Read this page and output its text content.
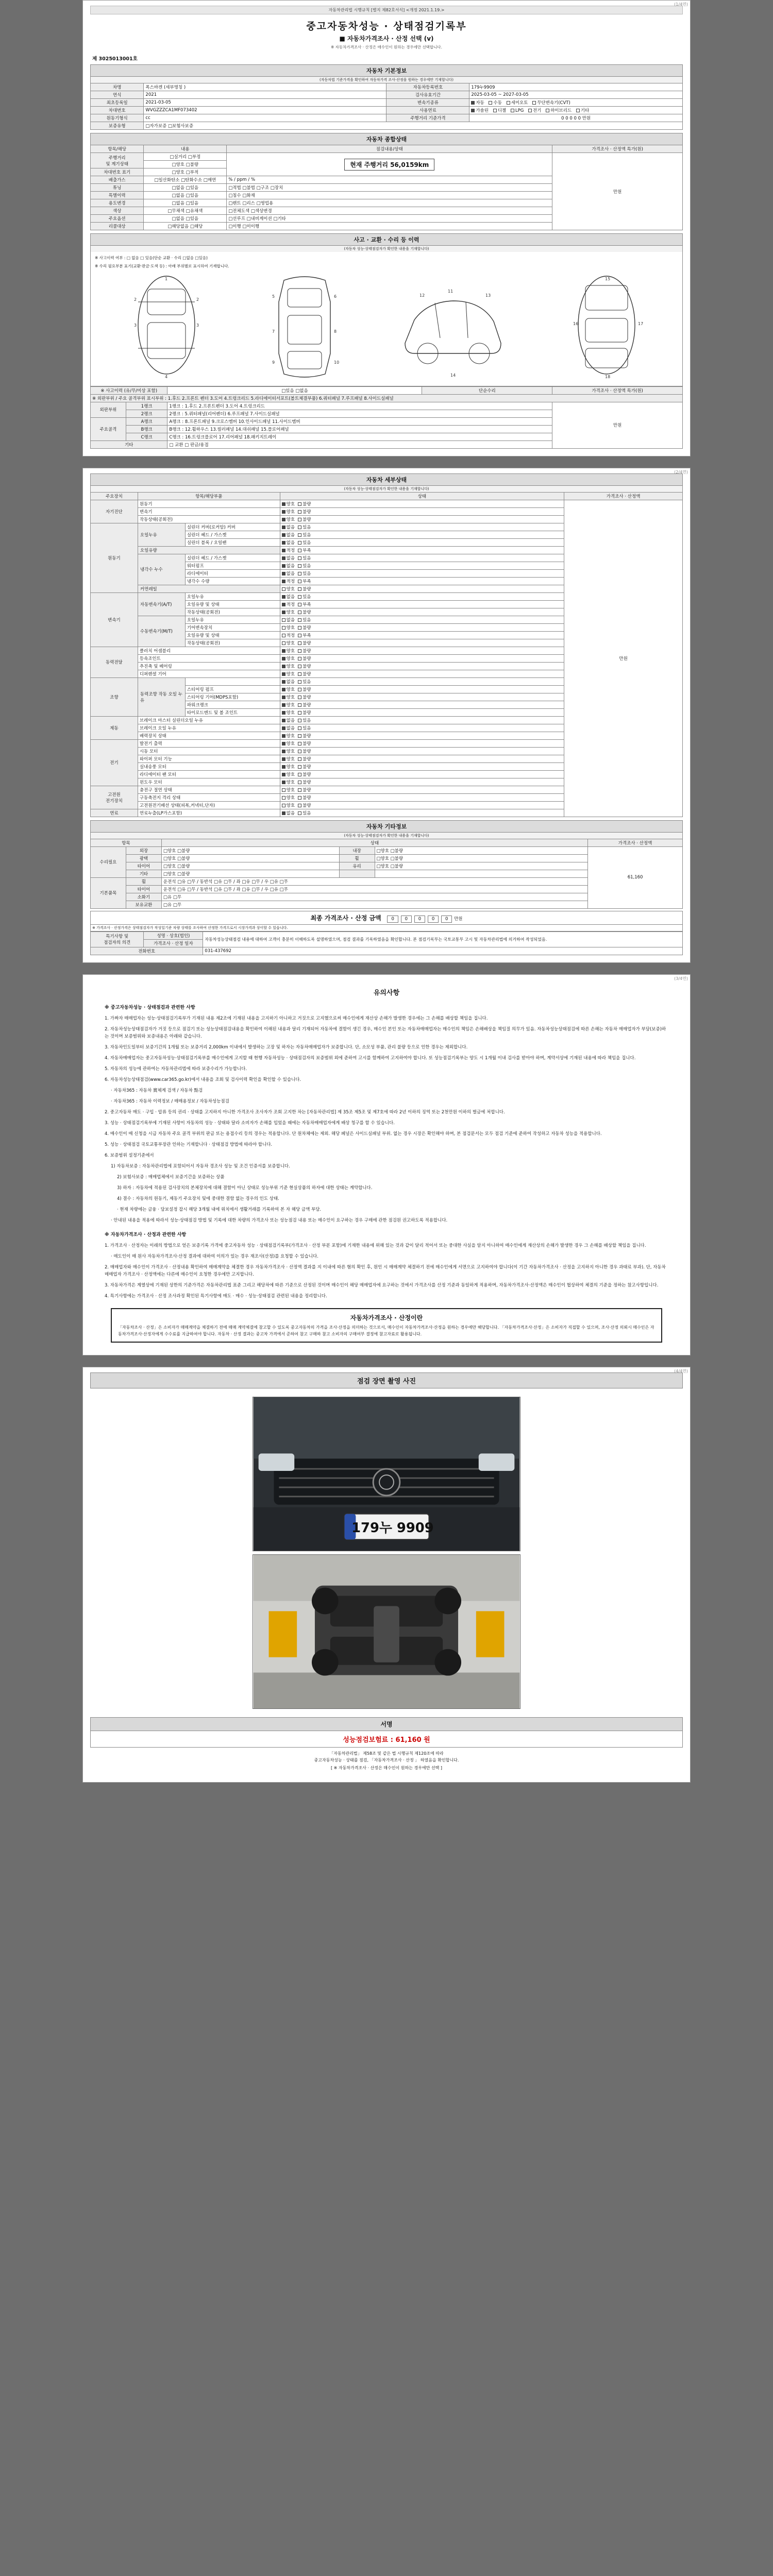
(1/4면)
자동차관리법 시행규칙 [별지 제82호서식] <개정 2021.1.19.>
중고자동차성능 · 상태점검기록부
■ 자동차가격조사 · 산정 선택 (v)
※ 자동차가격조사 · 산정은 매수인이 원하는 경우에만 선택합니다.
제 3025013001호
자동차 기본정보
(자동차법 기준가격을 확인하여 자동차가격 조사·산정을 원하는 경우에만 기재합니다)
차명	폭스바겐 (세부명칭 )	자동차등록번호	179누9909
연식	2021	검사유효기간	2025-03-05 ~ 2027-03-05
최초등록일	2021-03-05	변속기종류	자동 수동 세미오토 무단변속기(CVT)
차대번호	WVGZZZCA1MF073402	사용연료	가솔린 디젤 LPG 전기 하이브리드 기타
원동기형식	cc	주행거리 기준가격	0 0 0 0 0 만원
보증유형	□자가보증 □보험사보증		
자동차 종합상태
항목/해당	내용	점검내용/상태	가격조사 · 산정액 특가(원)
주행거리
및 계기상태	□실거리 □부정	현재 주행거리 56,0159km	만원
	□양호 □불량		
차대번호 표기	□양호 □부적		
배출가스	□일산화탄소 □탄화수소 □매연	% / ppm / %	
튜닝	□없음 □있음	□적법 □불법 □구조 □장치	
특별이력	□없음 □있음	□침수 □화재	
용도변경	□없음 □있음	□렌트 □리스 □영업용	
색상	□무채색 □유채색	□전체도색 □색상변경	
주요옵션	□없음 □있음	□선루프 □내비게이션 □기타	
리콜대상	□해당없음 □해당	□이행 □미이행	
사고 · 교환 · 수리 등 이력
(자동차 성능·상태점검자가 확인한 내용을 기재합니다)
※ 사고이력 여부 : □ 없음 □ 있음(단순 교환 · 수리 □없음 □있음)
※ 수리 필요부분 표기(교환·판금·도색 등) : 아래 부위별로 표시하여 기재합니다.
1
2	2
3	3
4
5	6
7	8
9	10
11
12	13
14
15
16	17
18
※ 사고이력 (유/무/미상 포함)		□있음 □없음	단순수리	가격조사 · 산정액 특가(원)
※ 외판부위 / 주요 골격부위 표시부위 : 1.후드 2.프론트 펜더 3.도어 4.트렁크리드 5.라디에이터서포트(볼트체결부품) 6.쿼터패널 7.루프패널 8.사이드실패널				
외판부위	1랭크	1랭크 : 1.후드 2.프론트펜더 3.도어 4.트렁크리드		만원
	2랭크	2랭크 : 5.쿼터패널(리어펜더) 6.루프패널 7.사이드실패널		
주요골격	A랭크	A랭크 : 8.프론트패널 9.크로스멤버 10.인사이드패널 11.사이드멤버		
	B랭크	B랭크 : 12.휠하우스 13.필러패널 14.대쉬패널 15.플로어패널		
	C랭크	C랭크 : 16.트렁크플로어 17.리어패널 18.패키지트레이		
기타		□ 교환 □ 판금/용접		
(2/4면)
자동차 세부상태
(자동차 성능·상태점검자가 확인한 내용을 기재합니다)
주요장치	항목/해당부품		상태	가격조사 · 산정액
자기진단	원동기		양호 불량	만원
	변속기		양호 불량	
	작동상태(공회전)		양호 불량	
원동기	오일누유	실린더 커버(로커암) 커버	없음 있음	
		실린더 헤드 / 가스켓	없음 있음	
		실린더 블록 / 오일팬	없음 있음	
	오일유량		적정 부족	
	냉각수 누수	실린더 헤드 / 가스켓	없음 있음	
		워터펌프	없음 있음	
		라디에이터	없음 있음	
		냉각수 수량	적정 부족	
	커먼레일		양호 불량	
변속기	자동변속기(A/T)	오일누유	없음 있음	
		오일유량 및 상태	적정 부족	
		작동상태(공회전)	양호 불량	
	수동변속기(M/T)	오일누유	없음 있음	
		기어변속장치	양호 불량	
		오일유량 및 상태	적정 부족	
		작동상태(공회전)	양호 불량	
동력전달	클러치 어셈블리		양호 불량	
	등속조인트		양호 불량	
	추진축 및 베어링		양호 불량	
	디퍼렌셜 기어		양호 불량	
조향	동력조향 작동 오일 누유		없음 있음	
		스티어링 펌프	양호 불량	
		스티어링 기어(MDPS포함)	양호 불량	
		파워크랭크	양호 불량	
		타이로드엔드 및 볼 조인트	양호 불량	
제동	브레이크 마스터 실린더오일 누유		없음 있음	
	브레이크 오일 누유		없음 있음	
	배력장치 상태		양호 불량	
전기	발전기 출력		양호 불량	
	시동 모터		양호 불량	
	와이퍼 모터 기능		양호 불량	
	실내송풍 모터		양호 불량	
	라디에이터 팬 모터		양호 불량	
	윈도우 모터		양호 불량	
고전원
전기장치	충전구 절연 상태		양호 불량	
	구동축전지 격리 상태		양호 불량	
	고전원전기배선 상태(피복,커넥터,단자)		양호 불량	
연료	연료누출(LP가스포함)		없음 있음	
자동차 기타정보
(자동차 성능·상태점검자가 확인한 내용을 기재합니다)
항목		상태			가격조사 · 산정액
수리필요	외장	□양호 □불량	내장	□양호 □불량	61,160
	광택	□양호 □불량	휠	□양호 □불량	
	타이어	□양호 □불량	유리	□양호 □불량	
	기타	□양호 □불량			
기본품목	휠	운전석 □유 □무 / 동반석 □유 □무 / 좌 □유 □무 / 우 □유 □무			
	타이어	운전석 □유 □무 / 동반석 □유 □무 / 좌 □유 □무 / 우 □유 □무			
	소화기	□유 □무			
	보유교환	□유 □무			
최종 가격조사 · 산정 금액 0 0 0 0 0 만원
※ 가격조사 · 산정가격은 상태점검자가 작성일기준 차량 상태를 조사하여 산정한 가격으로서 시장가격과 상이할 수 있습니다.
특기사항 및
점검자의 의견	성명 · 상호(법인)	자동차성능상태점검 내용에 대하여 고객이 충분히 이해하도록 설명하였으며, 점검 결과를 기록하였음을 확인합니다. 본 점검기록부는 국토교통부 고시 및 자동차관리법에 의거하여 작성되었음.
	가격조사 · 산정 일자	
전화번호		031-437692
(3/4면)
유의사항
※ 중고자동차성능 · 상태점검과 관련한 사항

1. 가짜자 매매업자는 성능·상태점검기록부가 기재된 내용 제2조에 기재된 내용을 고지하기 아니하고 거짓으로 고지했으로써 매수인에게 재산상 손해가 발생한 경우에는 그 손해를 배상할 책임을 집니다.

2. 자동차성능상태점검자가 거짓 등으로 점검기 또는 성능상태점검내용을 확인하여 이해된 내용과 달리 기재되어 자동차에 결함이 생긴 경우, 매수인 본인 또는 자동차매매업자는 매수인의 책임은 손해배상을 책임질 의무가 있음. 자동차성능상태점검에 따른 손해는 자동차 매매업자가 부담(보증)하는 것이며 보증범위와 보증내용은 아래와 같습니다.

3. 자동차인도일부터 보증기간의 1개월 또는 보증거리 2,000km 이내에서 발생하는 고장 및 하자는 자동차매매업자가 보증합니다. 단, 소모성 부품, 관리 불량 등으로 인한 경우는 제외합니다.

4. 자동차매매업자는 중고자동차성능·상태점검기록부를 매수인에게 고지할 때 현행 자동차성능 · 상태점검자의 보증범위 외에 준하여 고시를 함께하여 고지하여야 합니다. 또 성능점검기록부는 양도 시 1개월 이내 검사를 받아야 하며, 계약서상에 기재된 내용에 따라 책임을 집니다.

5. 자동차의 성능에 관하여는 자동차관리법에 따라 보증수리가 가능합니다.

6. 자동차성능상태점검(www.car365.go.kr)에서 내용을 조회 및 검사이력 확인을 확인할 수 있습니다.

· 자동차365 : 자동차 實체계 검색 / 자동차 點검

· 자동차365 : 자동차 이력정보 / 매매용정보 / 자동차성능점검

2. 중고자동차 매도 · 구입 · 압류 등의 권리 · 상태를 고지하지 아니한 가격조사 조사자가 조회 고지한 차는 [자동차관리법] 제 35조 제5조 및 제7호에 따라 2년 이하의 징역 또는 2천만원 이하의 벌금에 처합니다.

3. 성능 · 상태점검기록부에 기재된 사항이 자동차의 성능 · 상태와 달라 소비자가 손해를 입었을 때에는 자동차매매업자에게 배상 청구를 할 수 있습니다.

4. 매수인이 매 신청을 시급 자동차 주요 골격 부위의 판금 또는 용접수리 등의 경우는 적용합니다. 단 원차체에는 제외. 해당 페널은 사이드실패널 부위. 없는 경우 시장은 확인해야 하며, 본 점검문서는 모두 점검 기준에 준하여 작성하고 자동차 성능을 적용합니다.

5. 성능 · 상태점검 국토교통부장관 인하는 기재합니다 · 상태점검 방법에 따라야 합니다.

6. 보증범위 설정기준에서

1) 자동차보증 : 자동차관리법에 포함되어서 자동차 경조사 성능 및 조건 인증서를 보증합니다.

2) 보험사보증 : 매매업체에서 보증기간을 보증하는 상품

3) 하자 : 자동차에 적용된 검사장치의 본체장치에 대해 결함이 아닌 상태로 성능부위 기준 현실상품의 하자에 대한 상태는 계약합니다.

4) 결수 : 자동차의 원동기, 제동기 주요장치 및에 중대한 결함 없는 경우의 인도 상태.

· 현재 차량에는 금융 · 담보설정 잡시 해당 3개월 내에 위치에서 생활거래를 기록하여 본 자 해당 금액 부담.

· 안내된 내용을 적용에 따라서 성능·상태점검 방법 및 기록에 대한 차량의 가격조사 또는 성능점검 내용 또는 매수인이 요구하는 경우 구매에 관한 점검원 권고하도록 적용합니다.

※ 자동차가격조사 · 산정과 관련한 사항

1. 가격조사 · 산정자는 이래의 방법으로 얻은 보증기록 가격에 중고자동차 성능 · 상태점검기록부(가격조사 · 산정 부분 포함)에 기재한 내용에 위해 있는 것과 같이 달리 적어서 또는 중대한 사실을 알지 아니하여 매수인에게 재산상의 손해가 발생한 경우 그 손해를 배상할 책임을 집니다.

· 매도인이 매 원사 자동차가격조사·산정 결과에 대하여 이의가 있는 경우 재조사(산정)를 요청할 수 있습니다.

2. 매매업자와 매수인이 가격조사 · 산정내용 확인하여 매매계약을 체결한 경우 자동차가격조사 · 산정액 결과를 지 이내에 따른 혐의 확인 후, 원인 시 매매계약 체결하기 전에 매수인에게 서면으로 고지하여야 합니다(이 기간 자동차가격조사 · 산정을 고지하지 아니한 경우 과태료 부과). 단, 자동차매매업자 가격조사 · 산정액에는 다른에 매수인이 요청한 경우에만 고지합니다.

3. 자동차가격은 계열상에 기재된 상한의 기준가격은 자동차관리법 표준 그리고 해당차에 따른 기준으로 산정된 것이며 매수인이 해당 매매업자에 요구하는 것에서 가격조사를 산정 기준과 동일하게 적용하며, 자동차가격조사·산정액은 매수인이 협상하여 체결의 기준을 정하는 참고사항입니다.

4. 특기사항에는 가격조사 · 산정 조사과정 확인된 특기사항에 매도 · 매수 · 성능·상태점검 관련된 내용을 정리합니다.

자동차가격조사 · 산정이란
「자동차조사 · 산정」은 소비자가 매매계약을 체결하기 전에 매매 계약체결에 참고할 수 있도록 중고자동차의 가격을 조사·산정을 의미하는 것으로서, 매수인이 자동차가격조사·산정을 원하는 경우에만 해당합니다. 「자동차가격조사·산정」은 소비자가 직접할 수 있으며, 조사·산정 의뢰시 매수인은 자동차가격조사·산정자에게 수수료를 지급하여야 합니다. 자동차 · 산정 결과는 중고차 가격에서 준하여 참고 구매하 참고 소비자의 구매여부 결정에 참고자료로 활용됩니다.
(4/4면)
점검 장면 촬영 사진
179누 9909
서명
성능점검보험료 : 61,160 원
「자동차관리법」 제58조 및 같은 법 시행규칙 제120조에 따라
중고자동차성능 · 상태를 점검, 「자동차가격조사 · 산정 」 하였음을 확인합니다.
[ ※ 자동차가격조사 · 산정은 매수인이 원하는 경우에만 선택 ]
